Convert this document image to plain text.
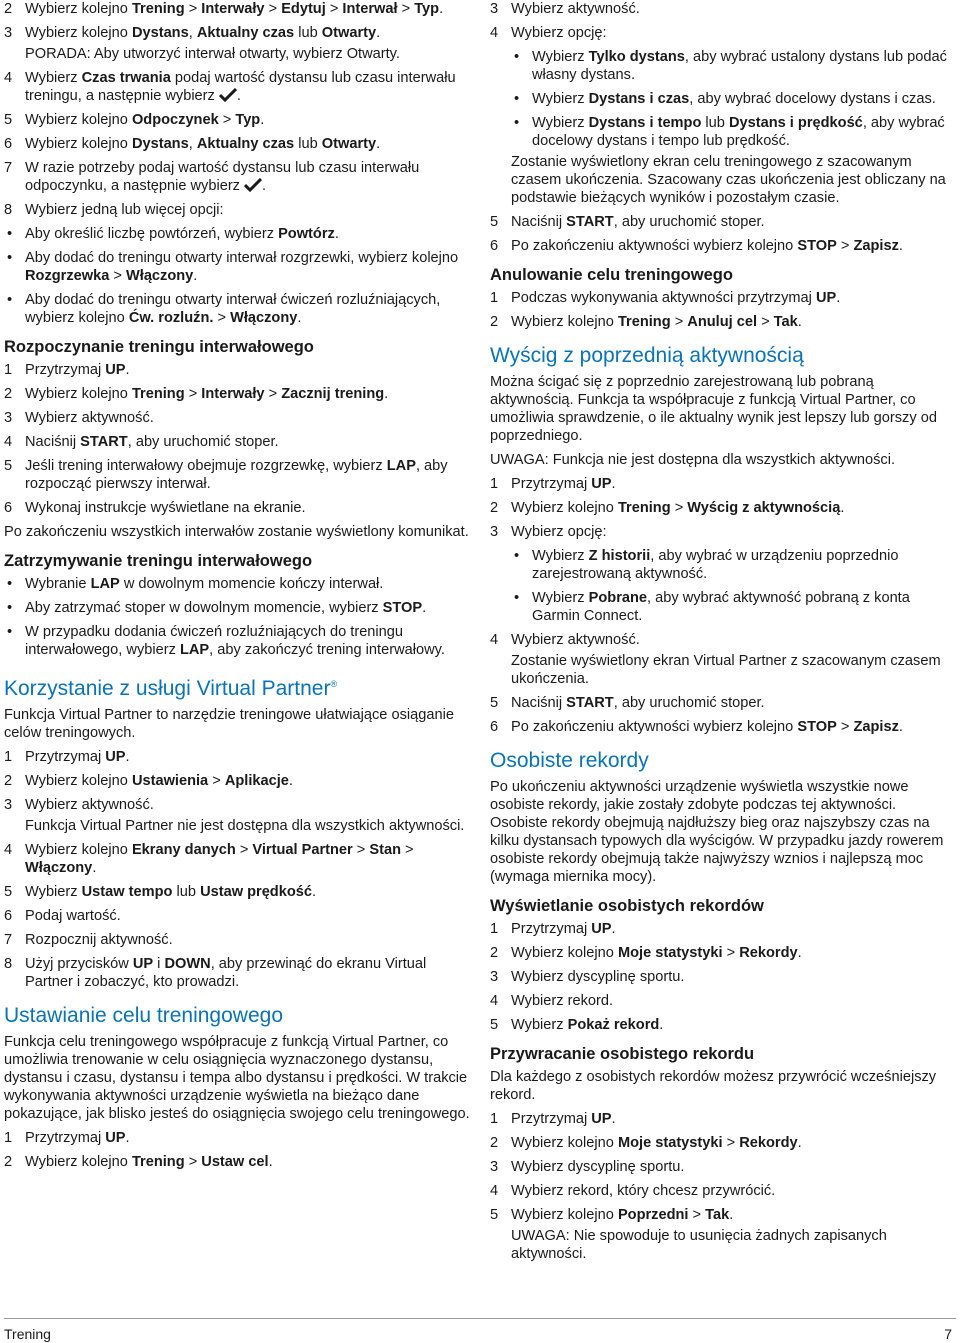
2 Wybierz kolejno Trening > Interwały > Edytuj > Interwał > Typ.
3 Wybierz kolejno Dystans, Aktualny czas lub Otwarty.
PORADA: Aby utworzyć interwał otwarty, wybierz Otwarty.
4 Wybierz Czas trwania podaj wartość dystansu lub czasu interwału treningu, a następnie wybierz .
5 Wybierz kolejno Odpoczynek > Typ.
6 Wybierz kolejno Dystans, Aktualny czas lub Otwarty.
7 W razie potrzeby podaj wartość dystansu lub czasu interwału odpoczynku, a następnie wybierz .
8 Wybierz jedną lub więcej opcji:
• Aby określić liczbę powtórzeń, wybierz Powtórz.
• Aby dodać do treningu otwarty interwał rozgrzewki, wybierz kolejno Rozgrzewka > Włączony.
• Aby dodać do treningu otwarty interwał ćwiczeń rozluźniających, wybierz kolejno Ćw. rozluźn. > Włączony.
Rozpoczynanie treningu interwałowego
1 Przytrzymaj UP.
2 Wybierz kolejno Trening > Interwały > Zacznij trening.
3 Wybierz aktywność.
4 Naciśnij START, aby uruchomić stoper.
5 Jeśli trening interwałowy obejmuje rozgrzewkę, wybierz LAP, aby rozpocząć pierwszy interwał.
6 Wykonaj instrukcje wyświetlane na ekranie.
Po zakończeniu wszystkich interwałów zostanie wyświetlony komunikat.
Zatrzymywanie treningu interwałowego
• Wybranie LAP w dowolnym momencie kończy interwał.
• Aby zatrzymać stoper w dowolnym momencie, wybierz STOP.
• W przypadku dodania ćwiczeń rozluźniających do treningu interwałowego, wybierz LAP, aby zakończyć trening interwałowy.
Korzystanie z usługi Virtual Partner®
Funkcja Virtual Partner to narzędzie treningowe ułatwiające osiąganie celów treningowych.
1 Przytrzymaj UP.
2 Wybierz kolejno Ustawienia > Aplikacje.
3 Wybierz aktywność.
Funkcja Virtual Partner nie jest dostępna dla wszystkich aktywności.
4 Wybierz kolejno Ekrany danych > Virtual Partner > Stan > Włączony.
5 Wybierz Ustaw tempo lub Ustaw prędkość.
6 Podaj wartość.
7 Rozpocznij aktywność.
8 Użyj przycisków UP i DOWN, aby przewinąć do ekranu Virtual Partner i zobaczyć, kto prowadzi.
Ustawianie celu treningowego
Funkcja celu treningowego współpracuje z funkcją Virtual Partner, co umożliwia trenowanie w celu osiągnięcia wyznaczonego dystansu, dystansu i czasu, dystansu i tempa albo dystansu i prędkości. W trakcie wykonywania aktywności urządzenie wyświetla na bieżąco dane pokazujące, jak blisko jesteś do osiągnięcia swojego celu treningowego.
1 Przytrzymaj UP.
2 Wybierz kolejno Trening > Ustaw cel.
3 Wybierz aktywność.
4 Wybierz opcję:
• Wybierz Tylko dystans, aby wybrać ustalony dystans lub podać własny dystans.
• Wybierz Dystans i czas, aby wybrać docelowy dystans i czas.
• Wybierz Dystans i tempo lub Dystans i prędkość, aby wybrać docelowy dystans i tempo lub prędkość.
Zostanie wyświetlony ekran celu treningowego z szacowanym czasem ukończenia. Szacowany czas ukończenia jest obliczany na podstawie bieżących wyników i pozostałym czasie.
5 Naciśnij START, aby uruchomić stoper.
6 Po zakończeniu aktywności wybierz kolejno STOP > Zapisz.
Anulowanie celu treningowego
1 Podczas wykonywania aktywności przytrzymaj UP.
2 Wybierz kolejno Trening > Anuluj cel > Tak.
Wyścig z poprzednią aktywnością
Można ścigać się z poprzednio zarejestrowaną lub pobraną aktywnością. Funkcja ta współpracuje z funkcją Virtual Partner, co umożliwia sprawdzenie, o ile aktualny wynik jest lepszy lub gorszy od poprzedniego.
UWAGA: Funkcja nie jest dostępna dla wszystkich aktywności.
1 Przytrzymaj UP.
2 Wybierz kolejno Trening > Wyścig z aktywnością.
3 Wybierz opcję:
• Wybierz Z historii, aby wybrać w urządzeniu poprzednio zarejestrowaną aktywność.
• Wybierz Pobrane, aby wybrać aktywność pobraną z konta Garmin Connect.
4 Wybierz aktywność.
Zostanie wyświetlony ekran Virtual Partner z szacowanym czasem ukończenia.
5 Naciśnij START, aby uruchomić stoper.
6 Po zakończeniu aktywności wybierz kolejno STOP > Zapisz.
Osobiste rekordy
Po ukończeniu aktywności urządzenie wyświetla wszystkie nowe osobiste rekordy, jakie zostały zdobyte podczas tej aktywności. Osobiste rekordy obejmują najdłuższy bieg oraz najszybszy czas na kilku dystansach typowych dla wyścigów. W przypadku jazdy rowerem osobiste rekordy obejmują także najwyższy wznios i najlepszą moc (wymaga miernika mocy).
Wyświetlanie osobistych rekordów
1 Przytrzymaj UP.
2 Wybierz kolejno Moje statystyki > Rekordy.
3 Wybierz dyscyplinę sportu.
4 Wybierz rekord.
5 Wybierz Pokaż rekord.
Przywracanie osobistego rekordu
Dla każdego z osobistych rekordów możesz przywrócić wcześniejszy rekord.
1 Przytrzymaj UP.
2 Wybierz kolejno Moje statystyki > Rekordy.
3 Wybierz dyscyplinę sportu.
4 Wybierz rekord, który chcesz przywrócić.
5 Wybierz kolejno Poprzedni > Tak.
UWAGA: Nie spowoduje to usunięcia żadnych zapisanych aktywności.
Trening	7
